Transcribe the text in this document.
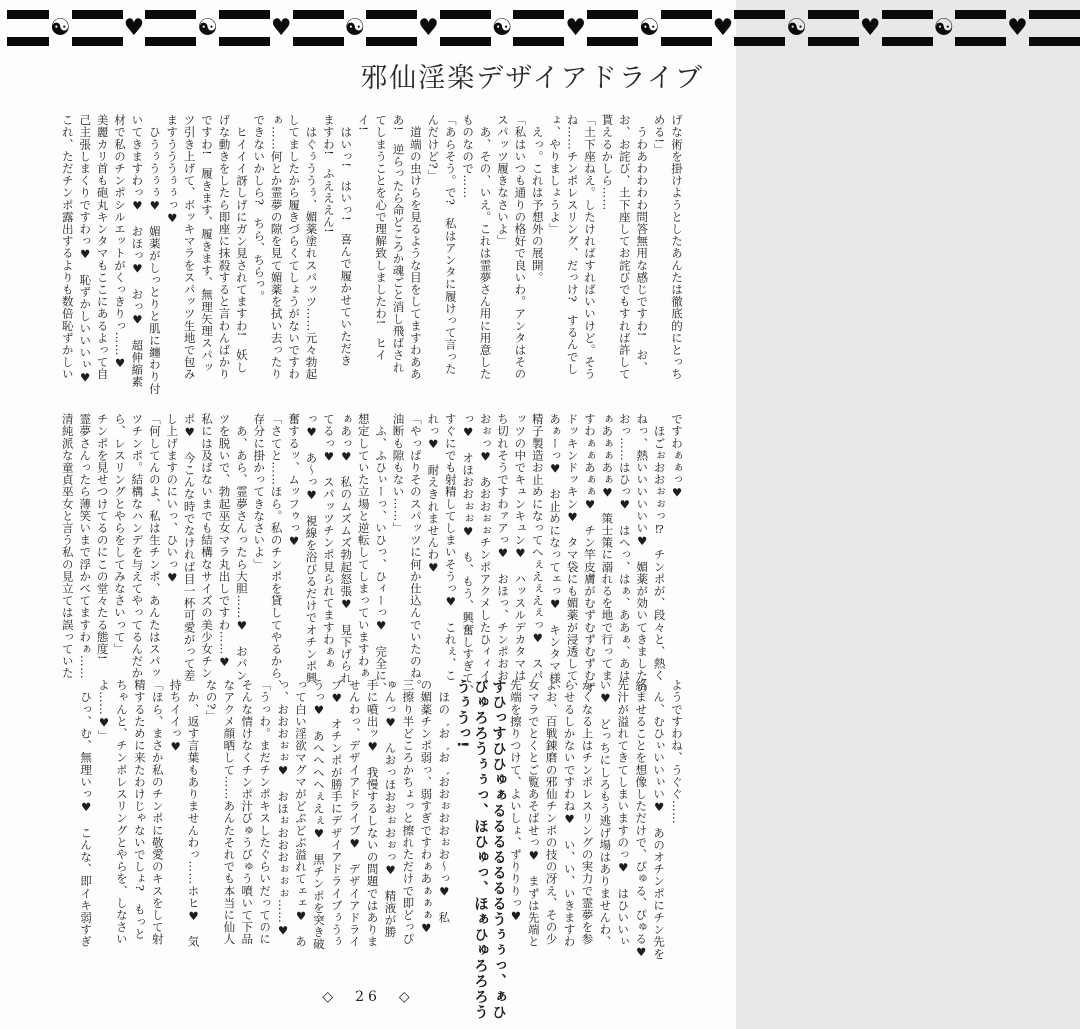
☯ ♥ ☯ ♥ ☯ ♥ ☯ ♥ ☯ ♥ ☯ ♥ ☯ ♥
邪仙淫楽デザイアドライブ

げな術を掛けようとしたあんたは徹底的にとっち

める!」

　うわあわわわわ問答無用な感じですわ!　お、

お、お詫び、土下座してお詫びでもすれば許して

貰えるかしら……

「土下座ねえ。したければすればいいけど。そう

ね……チンポレスリング、だっけ?　するんでし

ょ、やりましょうよ」

　えっ。これは予想外の展開。

「私はいつも通りの格好で良いわ。アンタはその

スパッツ履きなさいよ」

　あ、その、いえ。これは霊夢さん用に用意した

ものなので……

「あらそう。で?　私はアンタに履けって言った

んだけど?」

　道端の虫けらを見るような目をしてますわああ

あ!　逆らったら命どころか魂ごと消し飛ばされ

てしまうことを心で理解致しましたわ!　ヒイ

イ!

　はいっ!　はいっ!　喜んで履かせていただき

ますわ!　ふえええん!

　はぐぅううぅ、媚薬塗れスパッツ……元々勃起

してましたから履きづらくてしょうがないですわ

ぁ……何とか霊夢の隙を見て媚薬を拭い去ったり

できないかしら?　ちら、ちらっ。

　ヒイイイ訝しげにガン見されてますわ!　妖し

げな動きをしたら即座に抹殺すると言わんばかり

ですわ!　履きます、履きます、無理矢理スパッ

ツ引き上げて、ボッキマラをスパッツ生地で包み

ますうううぅぅっ♥

　ひうぅうぅぅ♥　媚薬がしっとりと肌に纏わり付

いてきますわっ♥　おほっ♥　おっ♥　超伸縮素

材で私のチンポシルエットがくっきりっ……♥

美麗カリ首も砲丸キンタマもここにあるよって自

己主張しまくりですわっ♥　恥ずかしいいいぃ♥

これ、ただチンポ露出するよりも数倍恥ずかしい

ですわぁぁっ♥

　ほごぉおおぉぉっ⁉　チンポが、段々と、熱く

ねっ、熱いいいいいい♥　媚薬が効いてきましたの

おっ……はひっ♥　はへっ、はぁ、ああぁ、あは

ぁあぁぁあぁ♥　策士策に溺れるを地で行ってま

すわぁぁあぁぁ♥　チン竿皮膚がむずむずむずむず

ドッキンドッキン♥　タマ袋にも媚薬が浸透して、

あぁーっ♥　お止めになってェっ♥　キンタマ様、

精子製造お止めになってへぇえぇえぇっ♥　スパ

ッツの中でキュンキュン♥　ハッスルデカタマは

ち切れそうですわァアっ♥　おほっ、チンポおお

おぉっ♥　あおおぉぉチンポアクメしたひィィイ

っ♥　オほおおぉぉ♥　も、もう、興奮しすぎて、

すぐにでも射精してしまいそうっ♥　これぇ、こ

れっ♥　耐えきれませんわ♥

「やっぱりそのスパッツに何か仕込んでいたのね。

油断も隙もない……」

　ふ、ふひぃーっ、いひっ、ひィーっ♥　完全に、

想定していた立場と逆転してしまっていますわぁ

ぁあっ♥　私のムズムズ勃起怒張♥　見下げられ

てるっ♥　スパッツチンポ見られてますわぁぁ

っ♥　あ～っ♥　視線を浴びるだけでオチンポ興

奮するッ、ムッフゥっ♥

「さてと……ほら。私のチンポを貸してやるから、

存分に掛かってきなさいよ」

　あ、あら、霊夢さんったら大胆……♥　おパン

ツを脱いで、勃起巫女マラ丸出しですわ……♥

私には及ばないまでも結構なサイズの美少女チン

ポ♥　今こんな時でなければ目一杯可愛がって差

し上げますのにいっ、ひいっ♥

「何してんのよ、私は生チンポ、あんたはスパッ

ツチンポ。結構なハンデを与えてやってるんだか

ら、レスリングとやらをしてみなさいって」

チンポを見せつけてるのにこの堂々たる態度!

霊夢さんったら薄笑いまで浮かべてますわぁ……

清純派な童貞巫女と言う私の見立ては誤っていた

ようですわね、うぐぐ……

　ん、むひぃいいぃい♥　あのオチンポにチン先を

絡ませることを想像しただけで、ぴゅる、ぴゅる♥

先汁が溢れてきてしまいますのっ♥　はひいいぃ

い♥　どっちにしろもう逃げ場はありませんわ、

かくなる上はチンポレスリングの実力で霊夢を参

らせるしかないですわね♥　い、い、いきますわ

よお、百戦錬磨の邪仙チンポの技の冴え、その少

女マラでとくとご覧あそばせっ♥　まずは先端と

先端を擦りつけて、よいしょ、ずりりりっ♥

すひっすひひゅぁるるるるるるるうぅぅっ、ぁひ

びゅろろうぅぅっ、ほひゅっ、ほぁひゅろろろう

うぅうっ!

　ほの゛お゛お゛おおぉおおぉお～っ♥　私

の媚薬チンポ弱っ、弱すぎですわぁあぁぁぁ♥

三擦り半どころかちょっと擦れただけで即どっぴ

ゅんっ♥　んおっほおおぉおぉっ♥　精液が勝

手に噴出ッ♥　我慢するしないの問題ではありま

せんわっ、デザイアドライブ♥　デザイアドライ

ブ♥　オチンポが勝手にデザイアドライブぅうぅ

うっ♥　あへへへへぇえぇ♥　黒チンポを突き破

って白い淫欲マグマがどぶどぶ溢れてェェ♥　あ

っ、おおおぉぉ♥　おほぉおおおぉぉぉ……♥

「うっわ。まだチンポキスしたぐらいだってのに

そんな情けなくチンポ汁びゅうびゅう噴いて下品

なアクメ顔晒して……あんたそれでも本当に仙人

なの?」

　か、返す言葉もありませんわっ……ホヒ♥　気

持ちイイっ♥

「ほら、まさか私のチンポに敬愛のキスをして射

精するために来たわけじゃないでしょ?　もっと

ちゃんと、チンポレスリングとやらを、しなさい

よ……♥」

　ひっ、む、無理いっ♥　こんな、即イキ弱すぎ

◇　26　◇
